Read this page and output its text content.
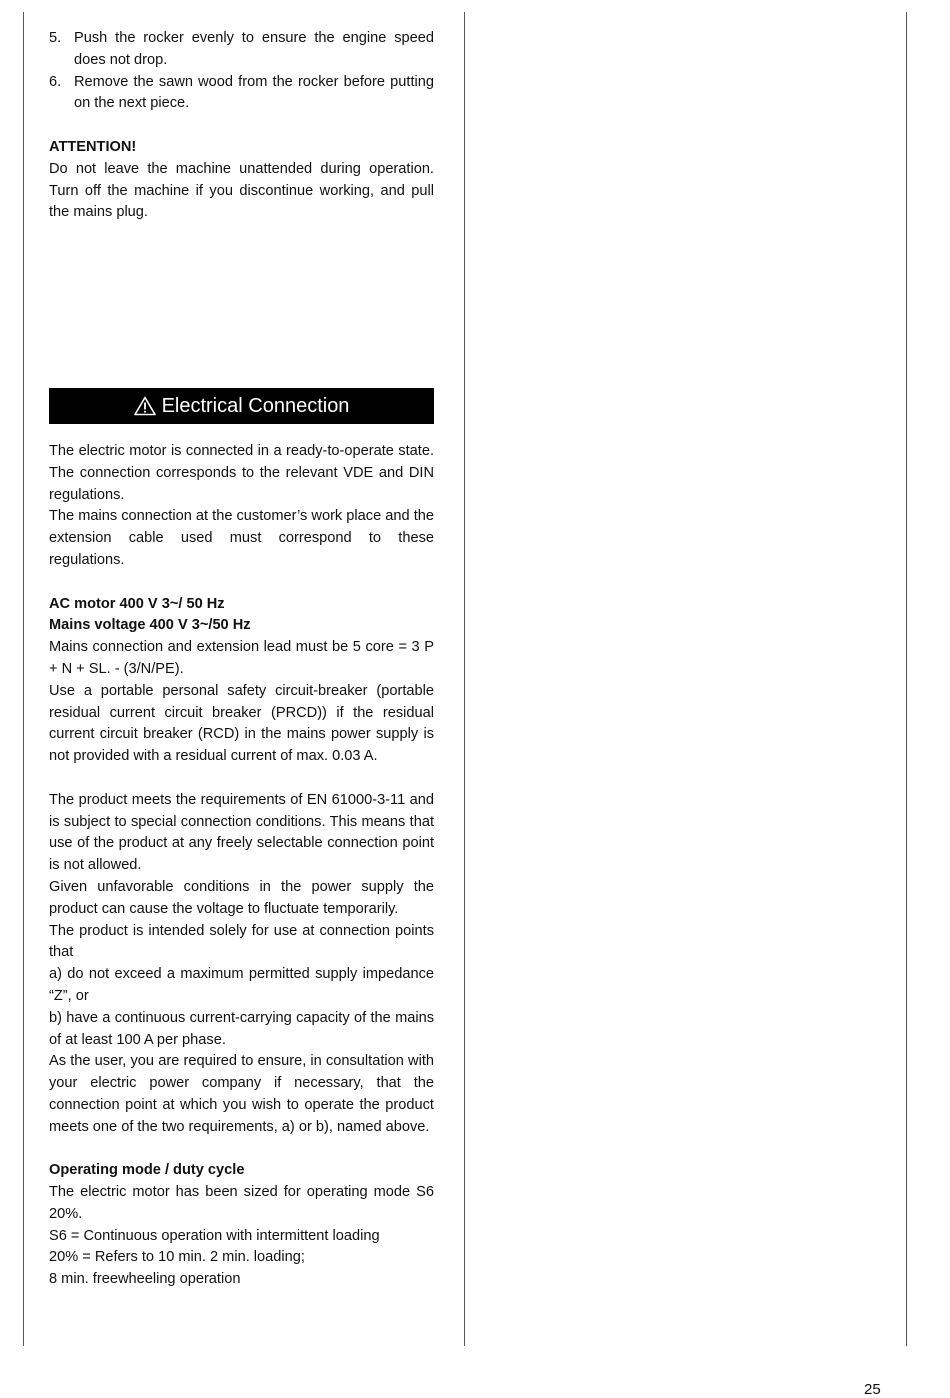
5. Push the rocker evenly to ensure the engine speed does not drop.
6. Remove the sawn wood from the rocker before putting on the next piece.

ATTENTION!

Do not leave the machine unattended during operation. Turn off the machine if you discontinue working, and pull the mains plug.

Electrical Connection

The electric motor is connected in a ready-to-operate state. The connection corresponds to the relevant VDE and DIN regulations.

The mains connection at the customer’s work place and the extension cable used must correspond to these regulations.

AC motor 400 V 3~/ 50 Hz

Mains voltage 400 V 3~/50 Hz

Mains connection and extension lead must be 5 core = 3 P + N + SL. - (3/N/PE).

Use a portable personal safety circuit-breaker (portable residual current circuit breaker (PRCD)) if the residual current circuit breaker (RCD) in the mains power supply is not provided with a residual current of max. 0.03 A.

The product meets the requirements of EN 61000-3-11 and is subject to special connection conditions. This means that use of the product at any freely selectable connection point is not allowed.

Given unfavorable conditions in the power supply the product can cause the voltage to fluctuate temporarily.

The product is intended solely for use at connection points that

a) do not exceed a maximum permitted supply impedance “Z”, or

b) have a continuous current-carrying capacity of the mains of at least 100 A per phase.

As the user, you are required to ensure, in consultation with your electric power company if necessary, that the connection point at which you wish to operate the product meets one of the two requirements, a) or b), named above.

Operating mode / duty cycle

The electric motor has been sized for operating mode S6 20%.

S6 = Continuous operation with intermittent loading

20% = Refers to 10 min. 2 min. loading;

8 min. freewheeling operation

25
